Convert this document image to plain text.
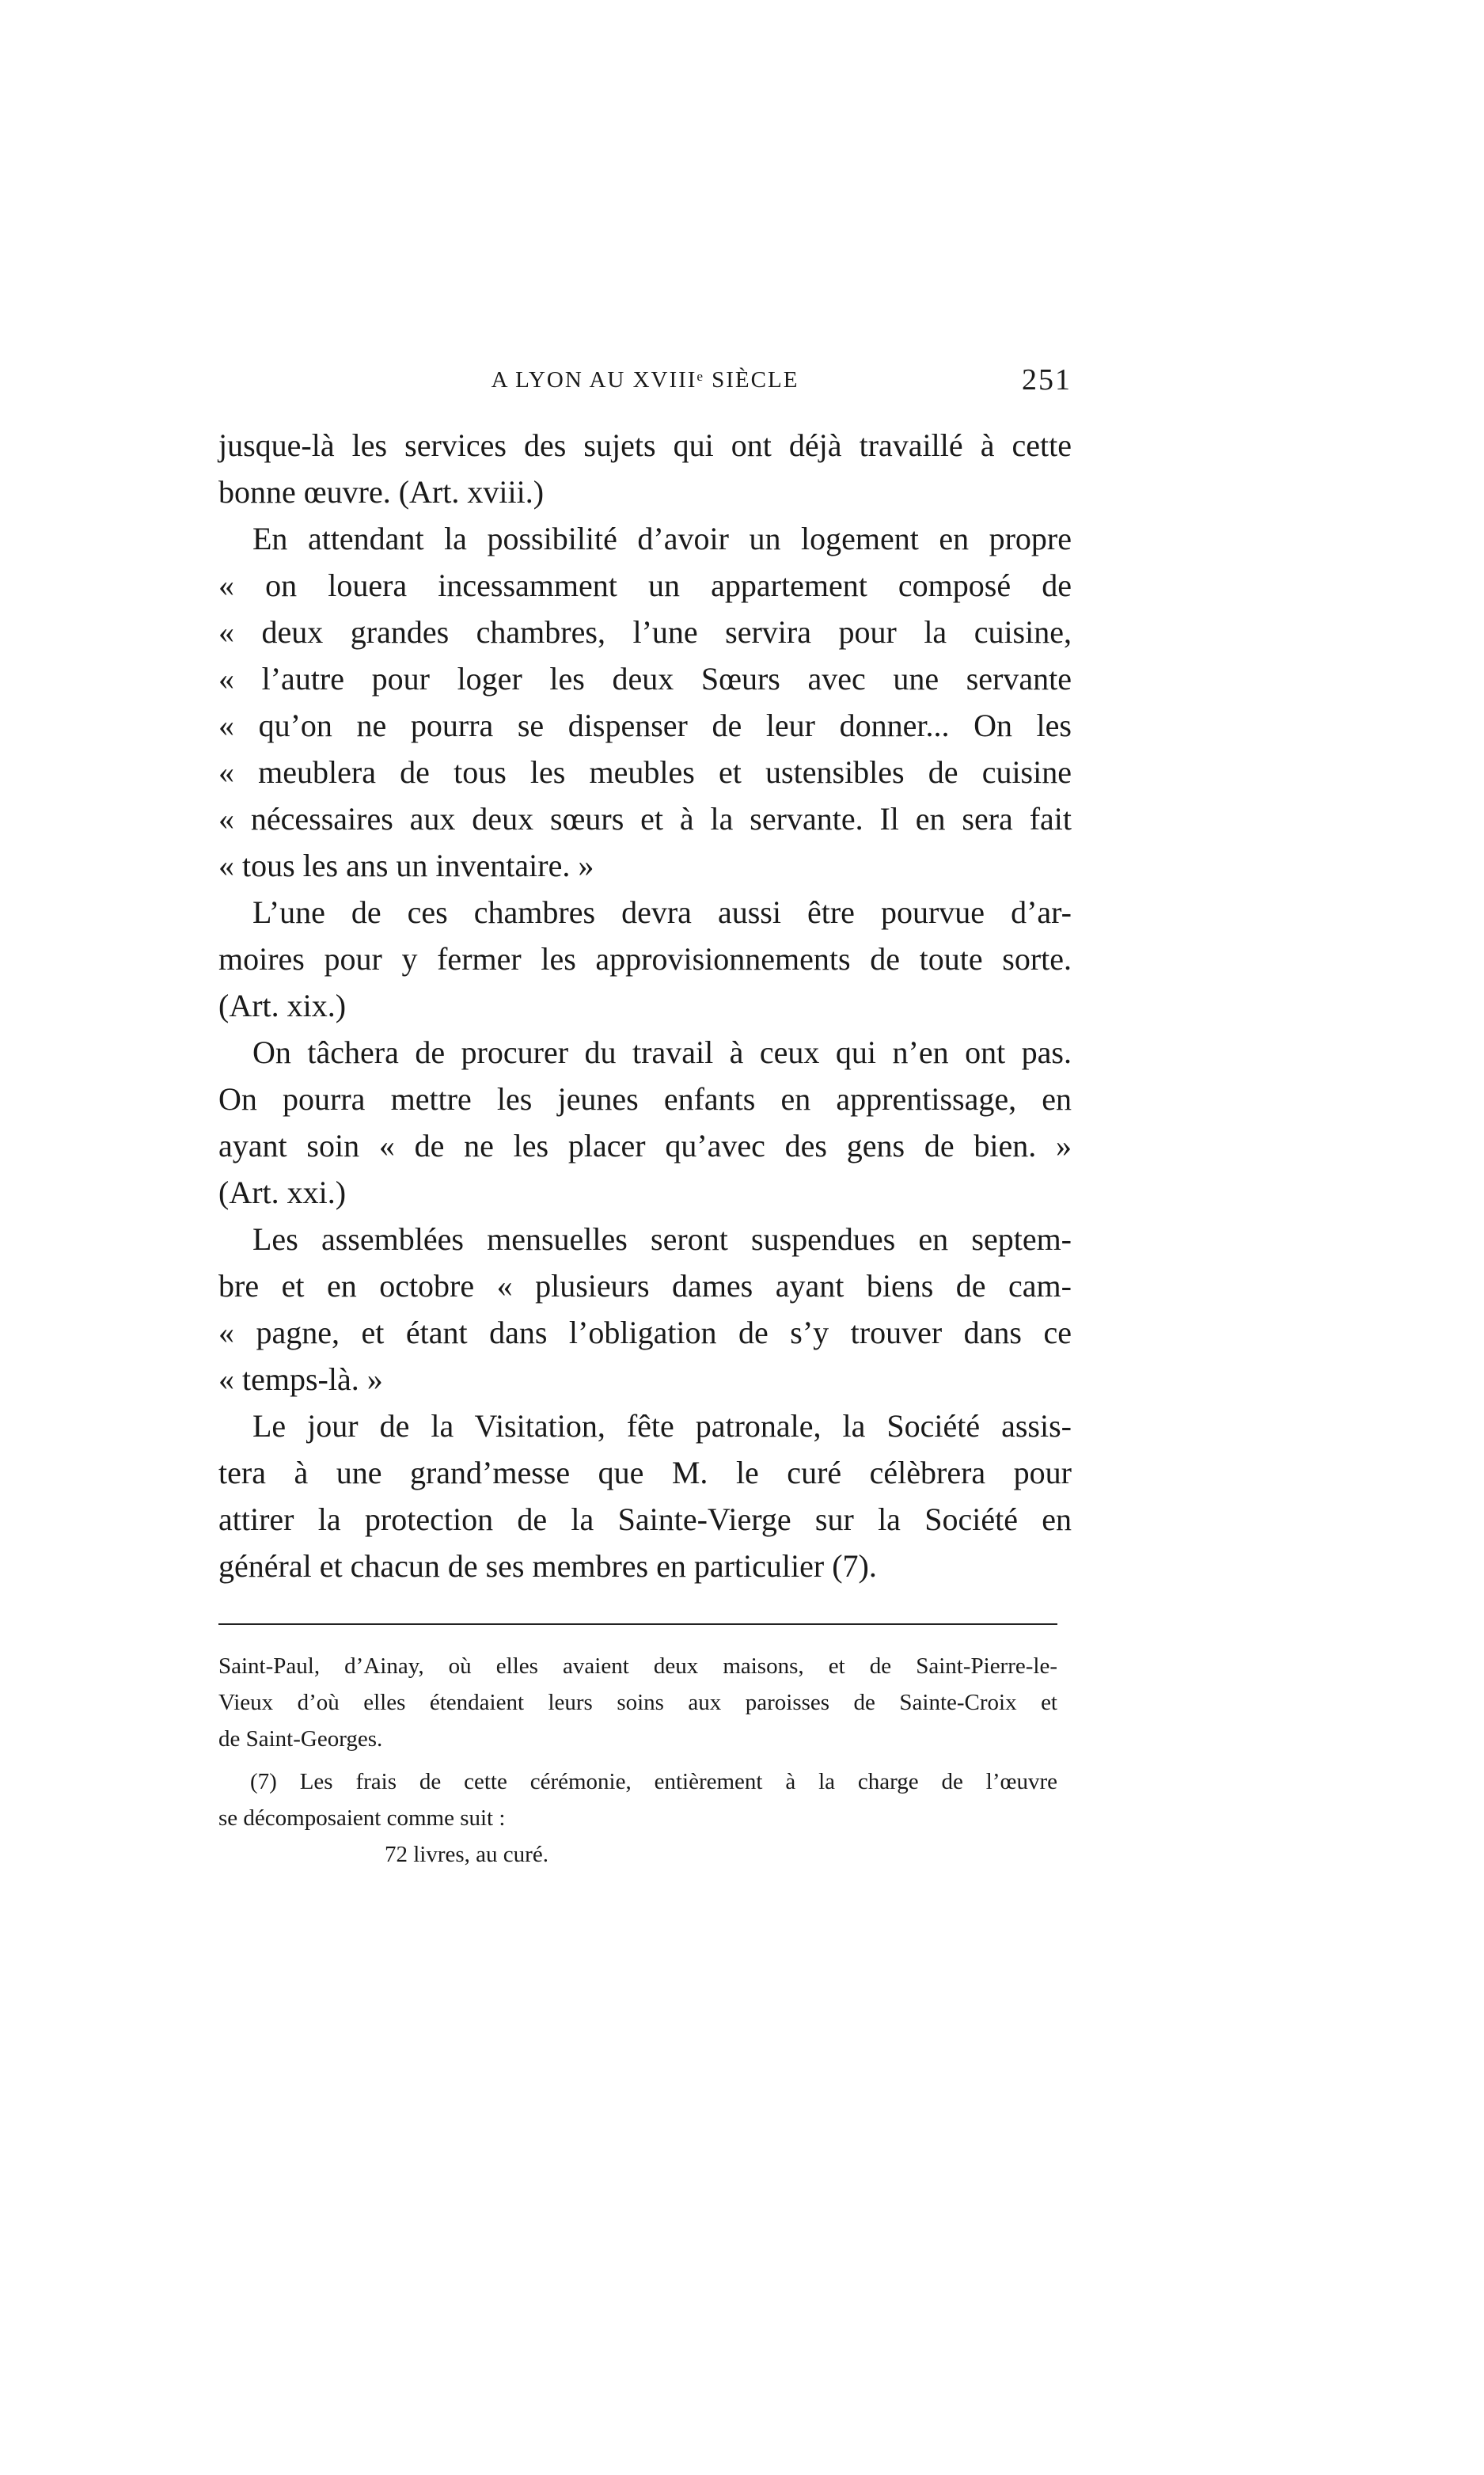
A LYON AU XVIIIᵉ SIÈCLE	251
jusque-là les services des sujets qui ont déjà travaillé à cette
bonne œuvre. (Art. xviii.)
En attendant la possibilité d’avoir un logement en propre
« on louera incessamment un appartement composé de
« deux grandes chambres, l’une servira pour la cuisine,
« l’autre pour loger les deux Sœurs avec une servante
« qu’on ne pourra se dispenser de leur donner... On les
« meublera de tous les meubles et ustensibles de cuisine
« nécessaires aux deux sœurs et à la servante. Il en sera fait
« tous les ans un inventaire. »
L’une de ces chambres devra aussi être pourvue d’ar-
moires pour y fermer les approvisionnements de toute sorte.
(Art. xix.)
On tâchera de procurer du travail à ceux qui n’en ont pas.
On pourra mettre les jeunes enfants en apprentissage, en
ayant soin « de ne les placer qu’avec des gens de bien. »
(Art. xxi.)
Les assemblées mensuelles seront suspendues en septem-
bre et en octobre « plusieurs dames ayant biens de cam-
« pagne, et étant dans l’obligation de s’y trouver dans ce
« temps-là. »
Le jour de la Visitation, fête patronale, la Société assis-
tera à une grand’messe que M. le curé célèbrera pour
attirer la protection de la Sainte-Vierge sur la Société en
général et chacun de ses membres en particulier (7).
Saint-Paul, d’Ainay, où elles avaient deux maisons, et de Saint-Pierre-le-
Vieux d’où elles étendaient leurs soins aux paroisses de Sainte-Croix et
de Saint-Georges.
(7) Les frais de cette cérémonie, entièrement à la charge de l’œuvre
se décomposaient comme suit :
72 livres, au curé.
